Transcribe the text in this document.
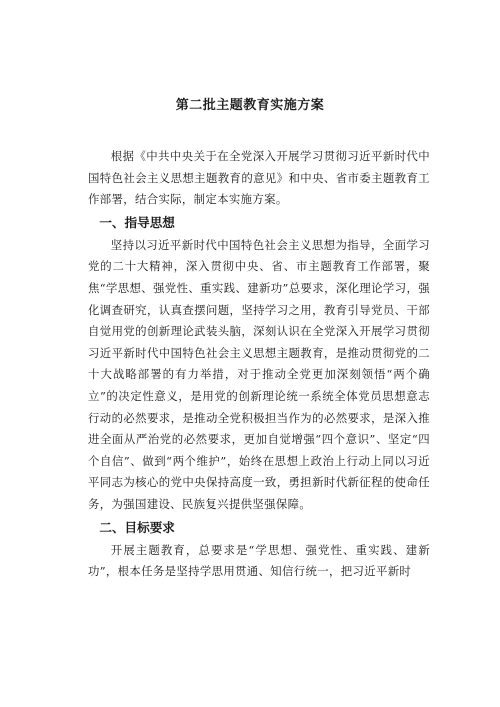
第二批主题教育实施方案

根据《中共中央关于在全党深入开展学习贯彻习近平新时代中国特色社会主义思想主题教育的意见》和中央、省市委主题教育工作部署，结合实际，制定本实施方案。

一、指导思想

坚持以习近平新时代中国特色社会主义思想为指导，全面学习党的二十大精神，深入贯彻中央、省、市主题教育工作部署，聚焦“学思想、强党性、重实践、建新功”总要求，深化理论学习，强化调查研究，认真查摆问题，坚持学习之用，教育引导党员、干部自觉用党的创新理论武装头脑，深刻认识在全党深入开展学习贯彻习近平新时代中国特色社会主义思想主题教育，是推动贯彻党的二十大战略部署的有力举措，对于推动全党更加深刻领悟“两个确立”的决定性意义，是用党的创新理论统一系统全体党员思想意志行动的必然要求，是推动全党积极担当作为的必然要求，是深入推进全面从严治党的必然要求，更加自觉增强“四个意识”、坚定“四个自信”、做到“两个维护”，始终在思想上政治上行动上同以习近平同志为核心的党中央保持高度一致，勇担新时代新征程的使命任务，为强国建设、民族复兴提供坚强保障。

二、目标要求

开展主题教育，总要求是“学思想、强党性、重实践、建新功”，根本任务是坚持学思用贯通、知信行统一，把习近平新时
